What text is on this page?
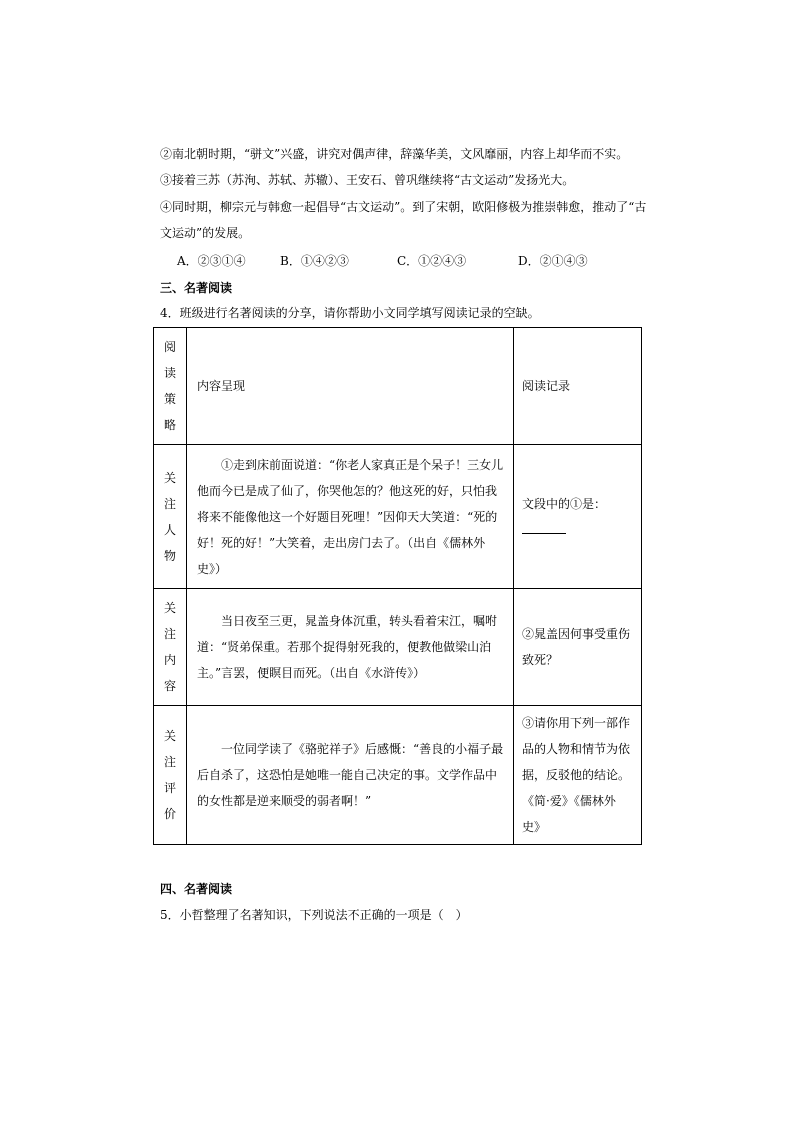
②南北朝时期，“骈文”兴盛，讲究对偶声律，辞藻华美，文风靡丽，内容上却华而不实。
③接着三苏（苏洵、苏轼、苏辙）、王安石、曾巩继续将“古文运动”发扬光大。
④同时期，柳宗元与韩愈一起倡导“古文运动”。到了宋朝，欧阳修极为推崇韩愈，推动了“古
文运动”的发展。
A．②③①④	B．①④②③	C．①②④③	D．②①④③
三、名著阅读
4．班级进行名著阅读的分享，请你帮助小文同学填写阅读记录的空缺。
阅
读
策
略	内容呈现	阅读记录

关
注
人
物	①走到床前面说道：“你老人家真正是个呆子！三女儿他而今已是成了仙了，你哭他怎的？他这死的好，只怕我将来不能像他这一个好题目死哩！”因仰天大笑道：“死的好！死的好！”大笑着，走出房门去了。（出自《儒林外史》）	文段中的①是：

关
注
内
容	当日夜至三更，晁盖身体沉重，转头看着宋江，嘱咐道：“贤弟保重。若那个捉得射死我的，便教他做梁山泊主。”言罢，便瞑目而死。（出自《水浒传》）	②晁盖因何事受重伤致死？

关
注
评
价	一位同学读了《骆驼祥子》后感慨：“善良的小福子最后自杀了，这恐怕是她唯一能自己决定的事。文学作品中的女性都是逆来顺受的弱者啊！”	③请你用下列一部作品的人物和情节为依据，反驳他的结论。《简·爱》《儒林外史》
四、名著阅读
5．小哲整理了名著知识，下列说法不正确的一项是（　）
